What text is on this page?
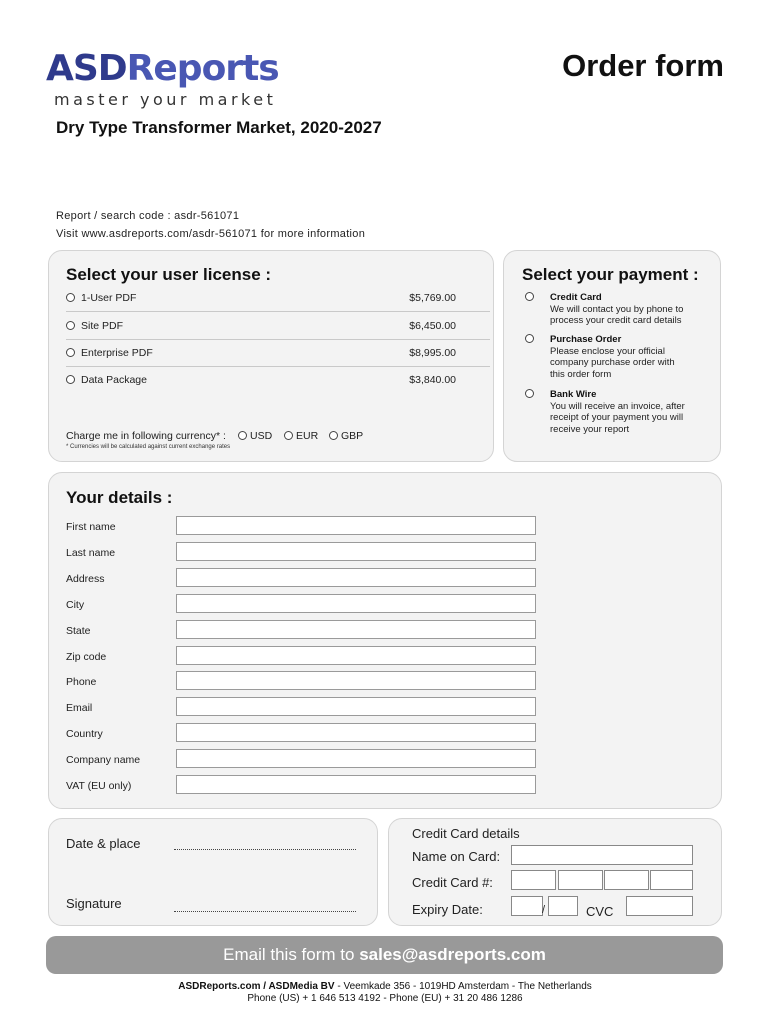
ASDReports
master your market
Order form
Dry Type Transformer Market, 2020-2027
Report / search code : asdr-561071
Visit www.asdreports.com/asdr-561071 for more information
Select your user license :
1-User PDF	$5,769.00
Site PDF	$6,450.00
Enterprise PDF	$8,995.00
Data Package	$3,840.00
Charge me in following currency* :	USD	EUR	GBP
* Currencies will be calculated against current exchange rates
Select your payment :
Credit Card
We will contact you by phone to
process your credit card details
Purchase Order
Please enclose your official
company purchase order with
this order form
Bank Wire
You will receive an invoice, after
receipt of your payment you will
receive your report
Your details :
First name
Last name
Address
City
State
Zip code
Phone
Email
Country
Company name
VAT (EU only)
Date & place
Signature
Credit Card details
Name on Card:
Credit Card #:
Expiry Date:	/	CVC
Email this form to sales@asdreports.com
ASDReports.com / ASDMedia BV - Veemkade 356 - 1019HD Amsterdam - The Netherlands
Phone (US) + 1 646 513 4192 - Phone (EU) + 31 20 486 1286
